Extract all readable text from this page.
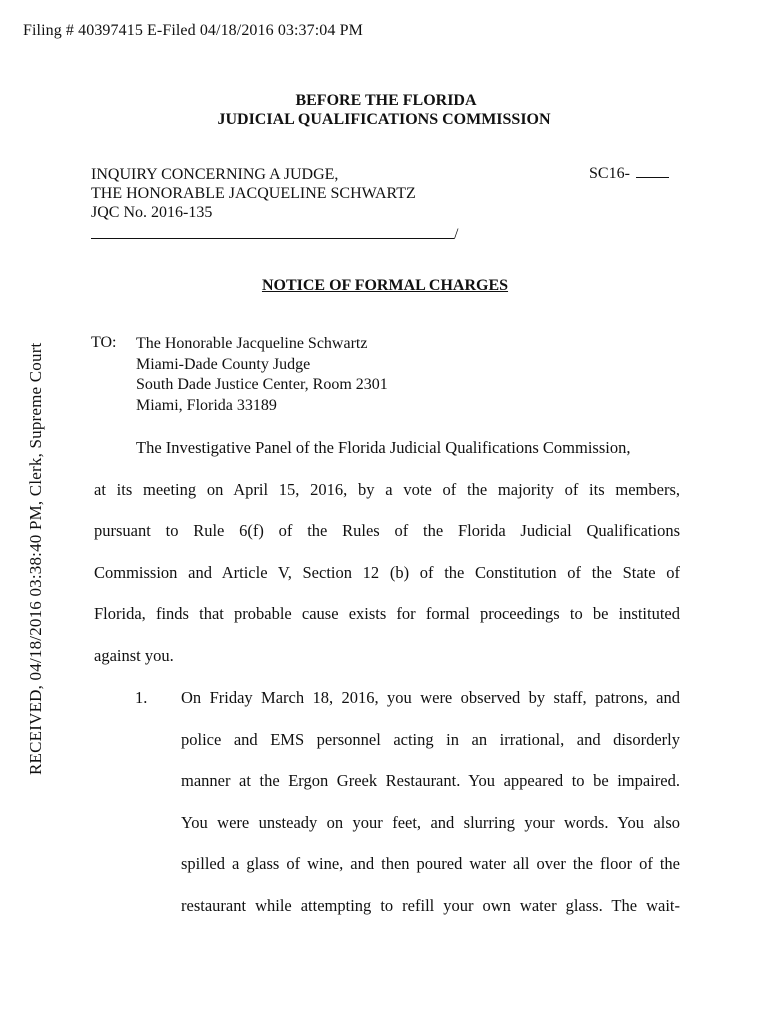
Filing # 40397415 E-Filed 04/18/2016 03:37:04 PM
RECEIVED, 04/18/2016 03:38:40 PM, Clerk, Supreme Court
BEFORE THE FLORIDA
JUDICIAL QUALIFICATIONS COMMISSION
INQUIRY CONCERNING A JUDGE,
THE HONORABLE JACQUELINE SCHWARTZ
JQC No. 2016-135
SC16-
/
NOTICE OF FORMAL CHARGES
TO: The Honorable Jacqueline Schwartz
Miami-Dade County Judge
South Dade Justice Center, Room 2301
Miami, Florida 33189
The Investigative Panel of the Florida Judicial Qualifications Commission,
at its meeting on April 15, 2016, by a vote of the majority of its members,
pursuant to Rule 6(f) of the Rules of the Florida Judicial Qualifications
Commission and Article V, Section 12 (b) of the Constitution of the State of
Florida, finds that probable cause exists for formal proceedings to be instituted
against you.
1. On Friday March 18, 2016, you were observed by staff, patrons, and
police and EMS personnel acting in an irrational, and disorderly
manner at the Ergon Greek Restaurant. You appeared to be impaired.
You were unsteady on your feet, and slurring your words. You also
spilled a glass of wine, and then poured water all over the floor of the
restaurant while attempting to refill your own water glass. The wait-
